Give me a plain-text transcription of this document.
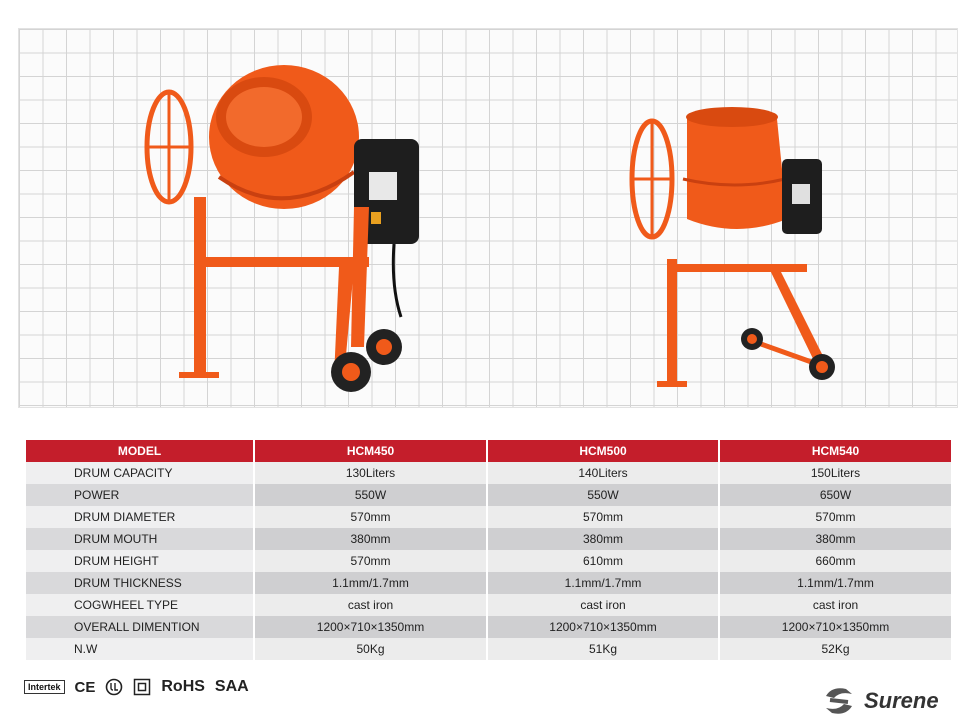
MODEL	HCM450	HCM500	HCM540
DRUM CAPACITY	130Liters	140Liters	150Liters
POWER	550W	550W	650W
DRUM DIAMETER	570mm	570mm	570mm
DRUM MOUTH	380mm	380mm	380mm
DRUM HEIGHT	570mm	610mm	660mm
DRUM THICKNESS	1.1mm/1.7mm	1.1mm/1.7mm	1.1mm/1.7mm
COGWHEEL TYPE	cast iron	cast iron	cast iron
OVERALL DIMENTION	1200×710×1350mm	1200×710×1350mm	1200×710×1350mm
N.W	50Kg	51Kg	52Kg
Intertek CE	RoHS SAA
Surene
